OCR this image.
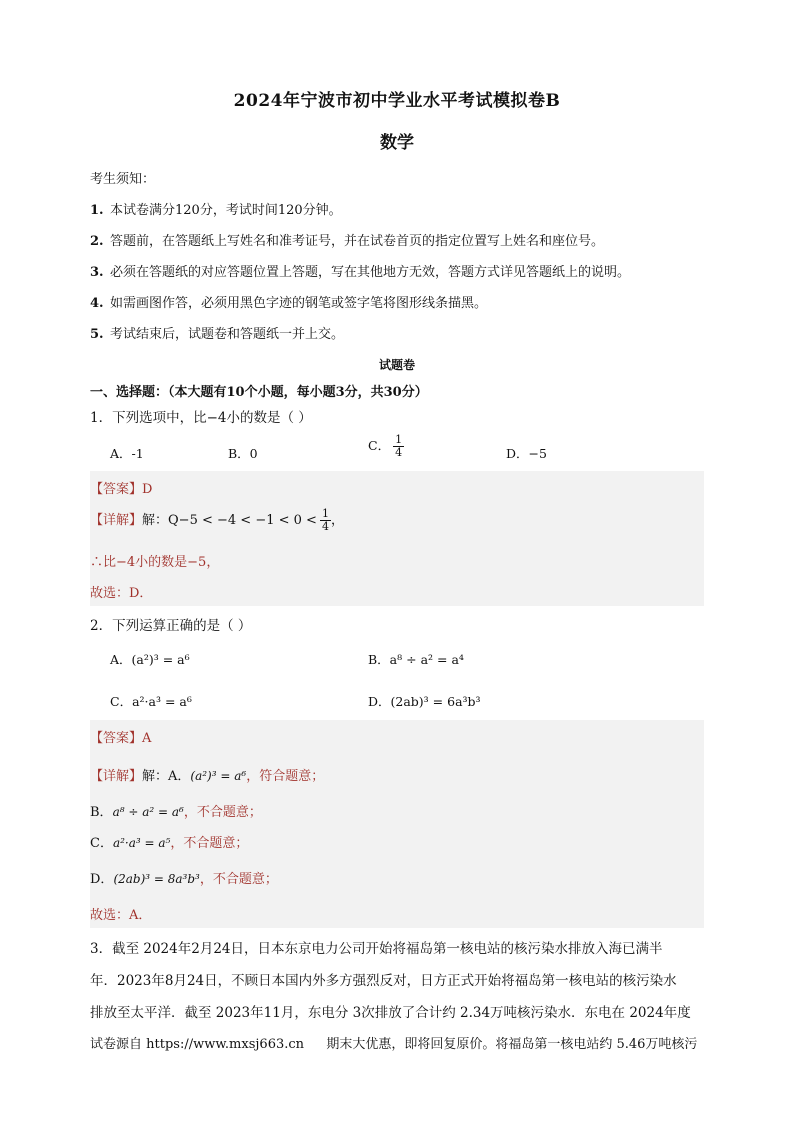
2024年宁波市初中学业水平考试模拟卷B
数学
考生须知：
1. 本试卷满分120分，考试时间120分钟。
2. 答题前，在答题纸上写姓名和准考证号，并在试卷首页的指定位置写上姓名和座位号。
3. 必须在答题纸的对应答题位置上答题，写在其他地方无效，答题方式详见答题纸上的说明。
4. 如需画图作答，必须用黑色字迹的钢笔或签字笔将图形线条描黑。
5. 考试结束后，试题卷和答题纸一并上交。
试题卷
一、选择题：（本大题有10个小题，每小题3分，共30分）
1．下列选项中，比−4小的数是（ ）
A．-1	B．0
C． $\frac{1}{4}$	D．−5
【答案】D
【详解】解：$Q-5 < -4 < -1 < 0 < \frac{1}{4}$ ，
∴比−4小的数是−5，
故选：D．
2．下列运算正确的是（ ）
A．(a²)³ = a⁶	B．a⁸ ÷ a² = a⁴
C．a²·a³ = a⁶	D．(2ab)³ = 6a³b³
【答案】A
【详解】解：A．(a²)³ = a⁶，符合题意；
B．a⁸ ÷ a² = a⁶，不合题意；
C．a²·a³ = a⁵，不合题意；
D．(2ab)³ = 8a³b³，不合题意；
故选：A．
3．截至 2024年2月24日，日本东京电力公司开始将福岛第一核电站的核污染水排放入海已满半
年．2023年8月24日，不顾日本国内外多方强烈反对，日方正式开始将福岛第一核电站的核污染水
排放至太平洋．截至 2023年11月，东电分 3次排放了合计约 2.34万吨核污染水．东电在 2024年度
试卷源自 https://www.mxsj663.cn 期末大优惠，即将回复原价。将福岛第一核电站约 5.46万吨核污
